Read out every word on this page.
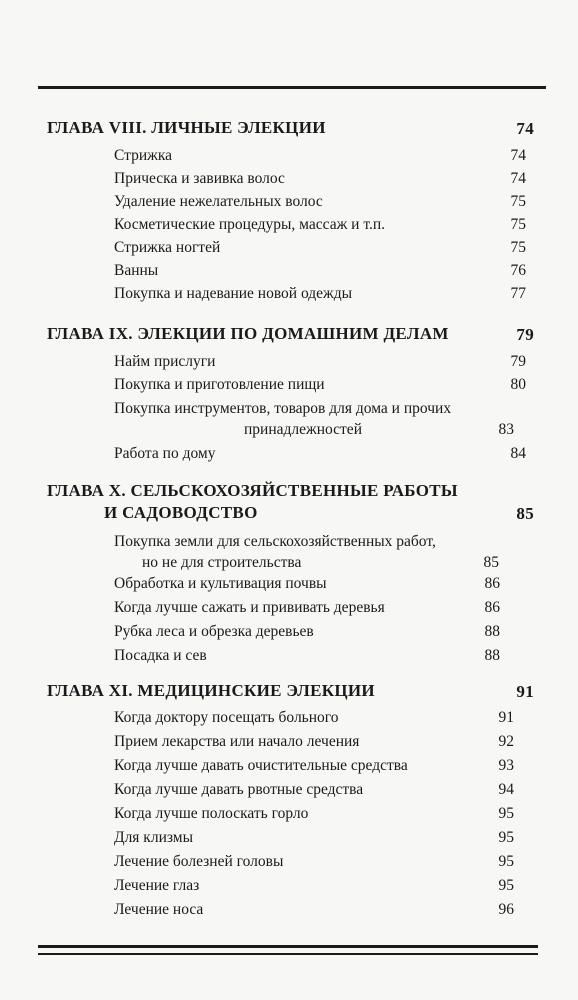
ГЛАВА VIII. ЛИЧНЫЕ ЭЛЕКЦИИ	74
Стрижка	74
Прическа и завивка волос	74
Удаление нежелательных волос	75
Косметические процедуры, массаж и т.п.	75
Стрижка ногтей	75
Ванны	76
Покупка и надевание новой одежды	77
ГЛАВА IX. ЭЛЕКЦИИ ПО ДОМАШНИМ ДЕЛАМ	79
Найм прислуги	79
Покупка и приготовление пищи	80
Покупка инструментов, товаров для дома и прочих
принадлежностей	83
Работа по дому	84
ГЛАВА X. СЕЛЬСКОХОЗЯЙСТВЕННЫЕ РАБОТЫ
И САДОВОДСТВО	85
Покупка земли для сельскохозяйственных работ,
но не для строительства	85
Обработка и культивация почвы	86
Когда лучше сажать и прививать деревья	86
Рубка леса и обрезка деревьев	88
Посадка и сев	88
ГЛАВА XI. МЕДИЦИНСКИЕ ЭЛЕКЦИИ	91
Когда доктору посещать больного	91
Прием лекарства или начало лечения	92
Когда лучше давать очистительные средства	93
Когда лучше давать рвотные средства	94
Когда лучше полоскать горло	95
Для клизмы	95
Лечение болезней головы	95
Лечение глаз	95
Лечение носа	96
